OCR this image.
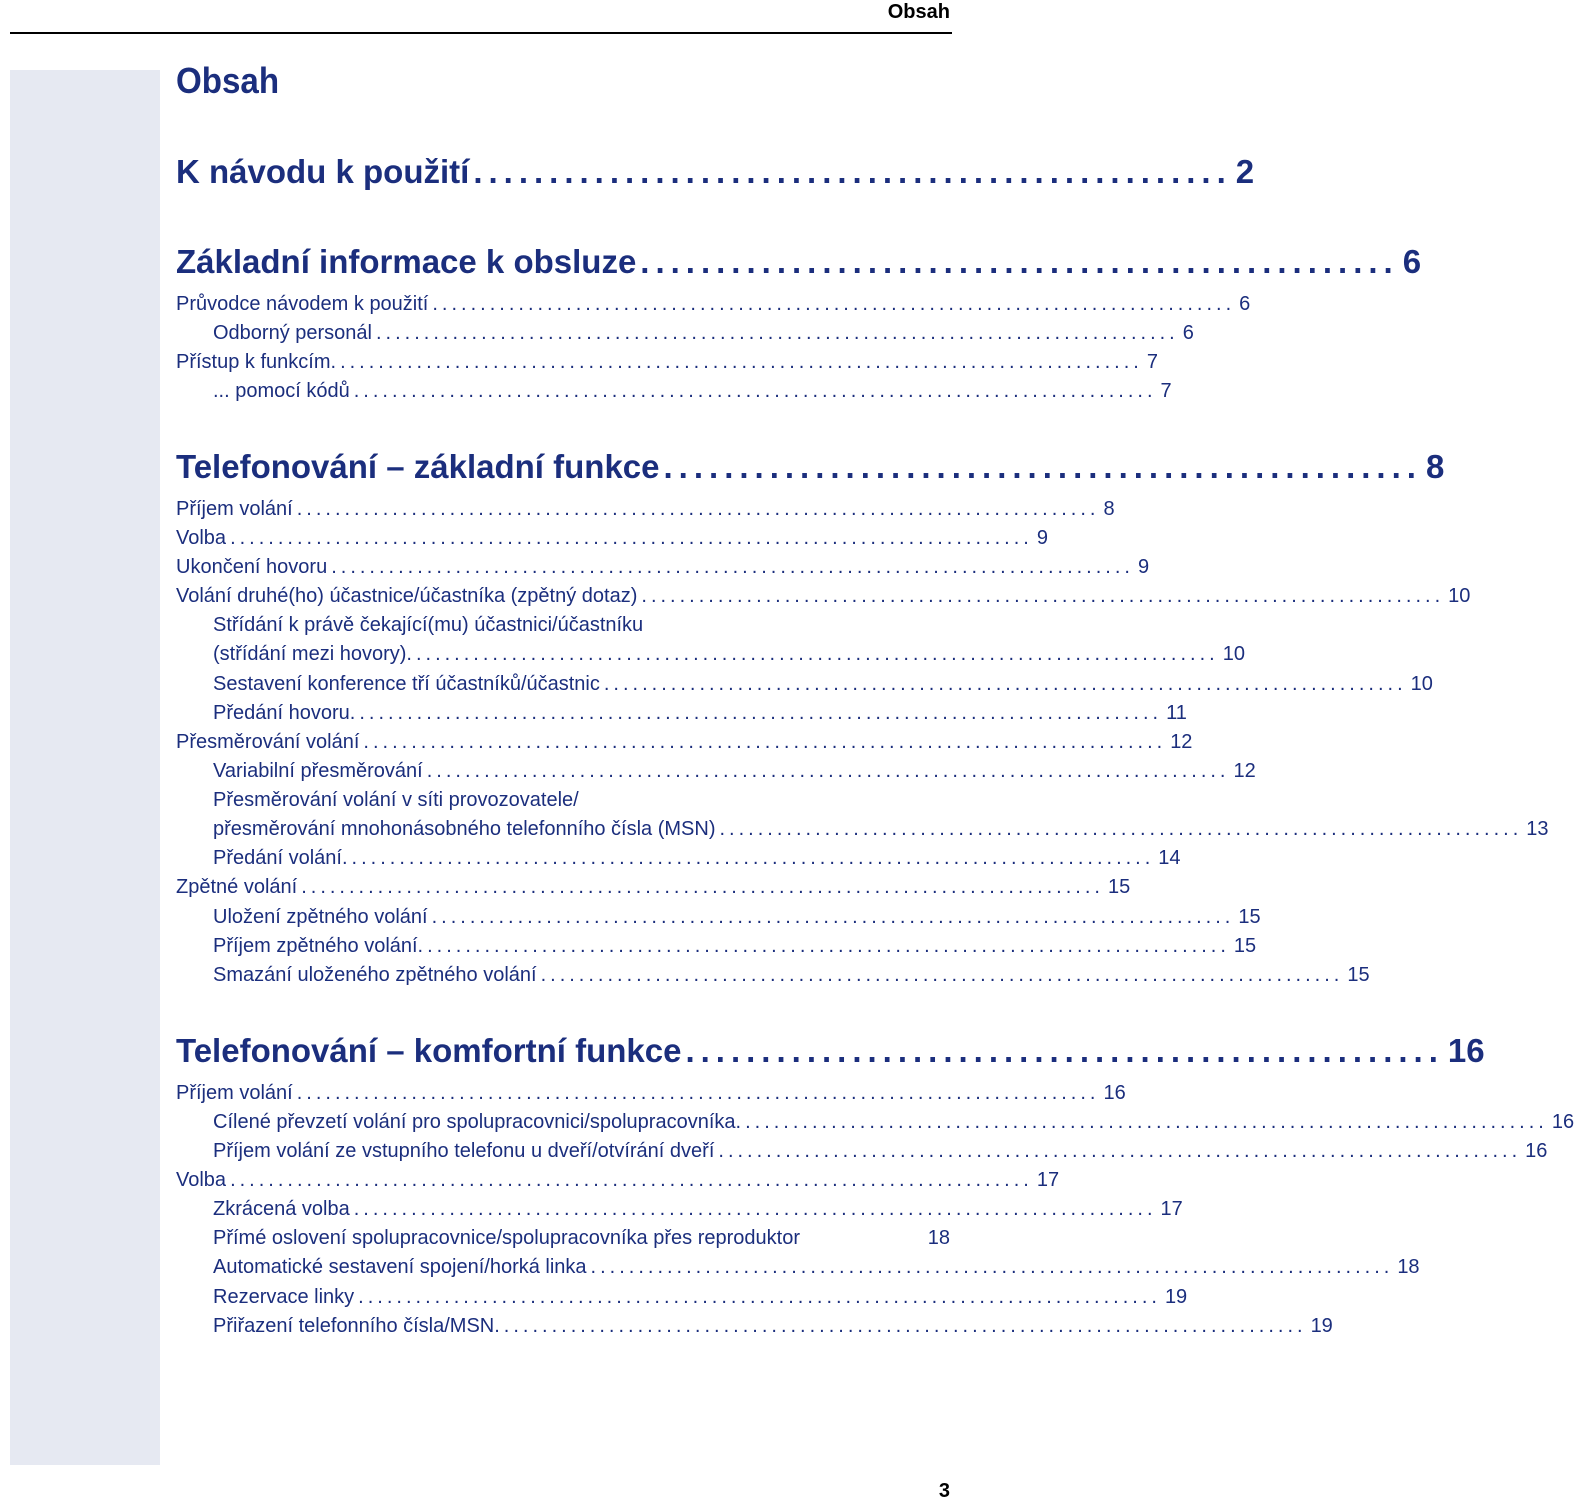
Obsah
Obsah
K návodu k použití .................................................. 2
Základní informace k obsluze .................................................. 6
Průvodce návodem k použití .................................................................................... 6
Odborný personál .................................................................................... 6
Přístup k funkcím. .................................................................................... 7
... pomocí kódů .................................................................................... 7
Telefonování – základní funkce .................................................. 8
Příjem volání .................................................................................... 8
Volba .................................................................................... 9
Ukončení hovoru .................................................................................... 9
Volání druhé(ho) účastnice/účastníka (zpětný dotaz) .................................................................................... 10
Střídání k právě čekající(mu) účastnici/účastníku
(střídání mezi hovory). .................................................................................... 10
Sestavení konference tří účastníků/účastnic .................................................................................... 10
Předání hovoru. .................................................................................... 11
Přesměrování volání .................................................................................... 12
Variabilní přesměrování .................................................................................... 12
Přesměrování volání v síti provozovatele/
přesměrování mnohonásobného telefonního čísla (MSN) .................................................................................... 13
Předání volání. .................................................................................... 14
Zpětné volání .................................................................................... 15
Uložení zpětného volání .................................................................................... 15
Příjem zpětného volání. .................................................................................... 15
Smazání uloženého zpětného volání .................................................................................... 15
Telefonování – komfortní funkce .................................................. 16
Příjem volání .................................................................................... 16
Cílené převzetí volání pro spolupracovnici/spolupracovníka. .................................................................................... 16
Příjem volání ze vstupního telefonu u dveří/otvírání dveří .................................................................................... 16
Volba .................................................................................... 17
Zkrácená volba .................................................................................... 17
Přímé oslovení spolupracovnice/spolupracovníka přes reproduktor	18
Automatické sestavení spojení/horká linka .................................................................................... 18
Rezervace linky .................................................................................... 19
Přiřazení telefonního čísla/MSN. .................................................................................... 19
3
